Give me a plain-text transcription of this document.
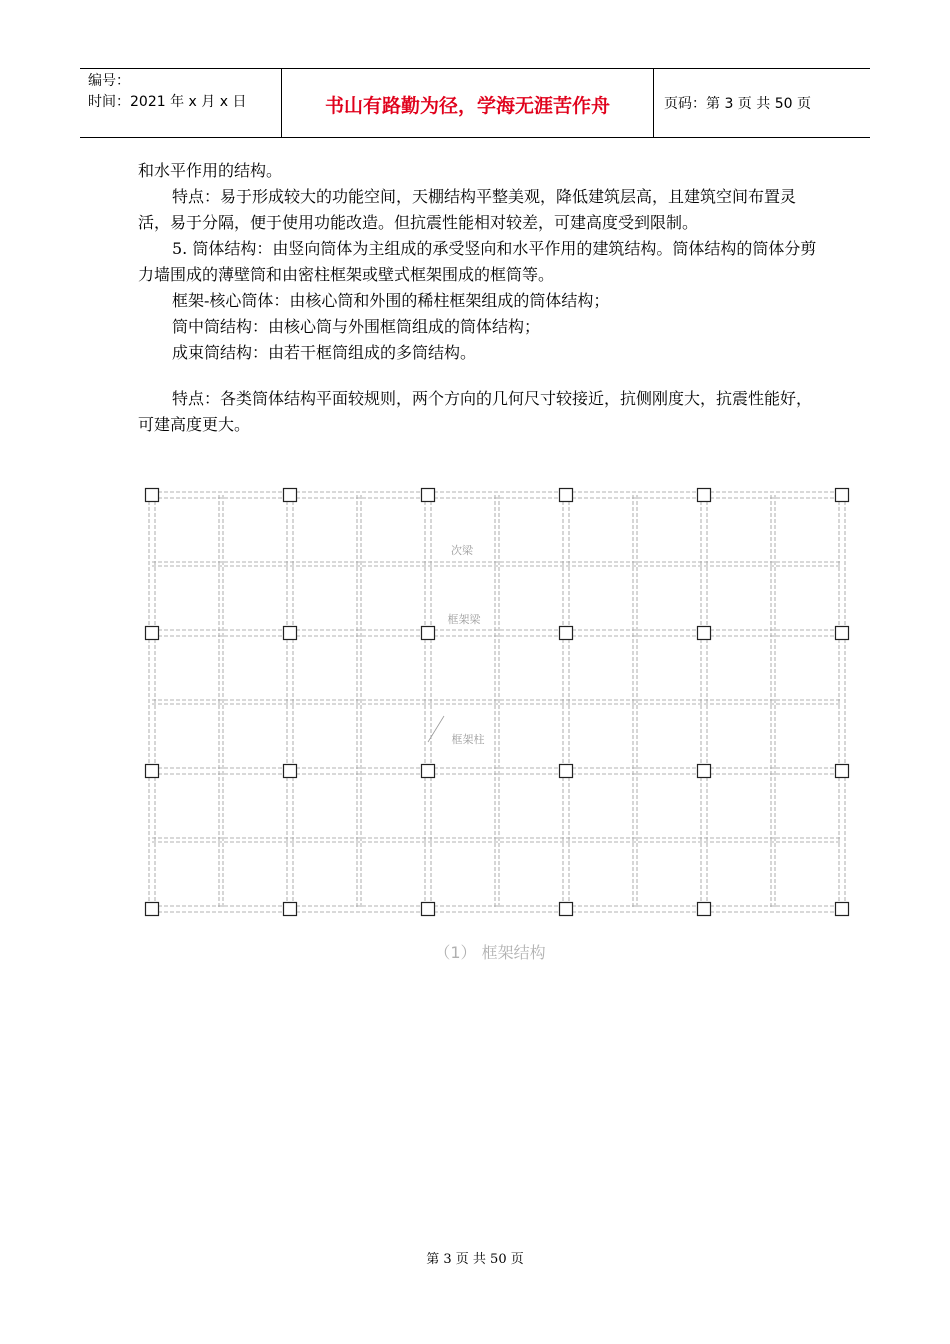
编号：
时间：2021 年 x 月 x 日	书山有路勤为径，学海无涯苦作舟	页码：第 3 页 共 50 页

和水平作用的结构。

特点：易于形成较大的功能空间，天棚结构平整美观，降低建筑层高，且建筑空间布置灵活，易于分隔，便于使用功能改造。但抗震性能相对较差，可建高度受到限制。

5. 筒体结构：由竖向筒体为主组成的承受竖向和水平作用的建筑结构。筒体结构的筒体分剪力墙围成的薄壁筒和由密柱框架或壁式框架围成的框筒等。

框架-核心筒体：由核心筒和外围的稀柱框架组成的筒体结构；

筒中筒结构：由核心筒与外围框筒组成的筒体结构；

成束筒结构：由若干框筒组成的多筒结构。

特点：各类筒体结构平面较规则，两个方向的几何尺寸较接近，抗侧刚度大，抗震性能好，可建高度更大。

次梁
框架梁
框架柱
（1） 框架结构
第 3 页 共 50 页
